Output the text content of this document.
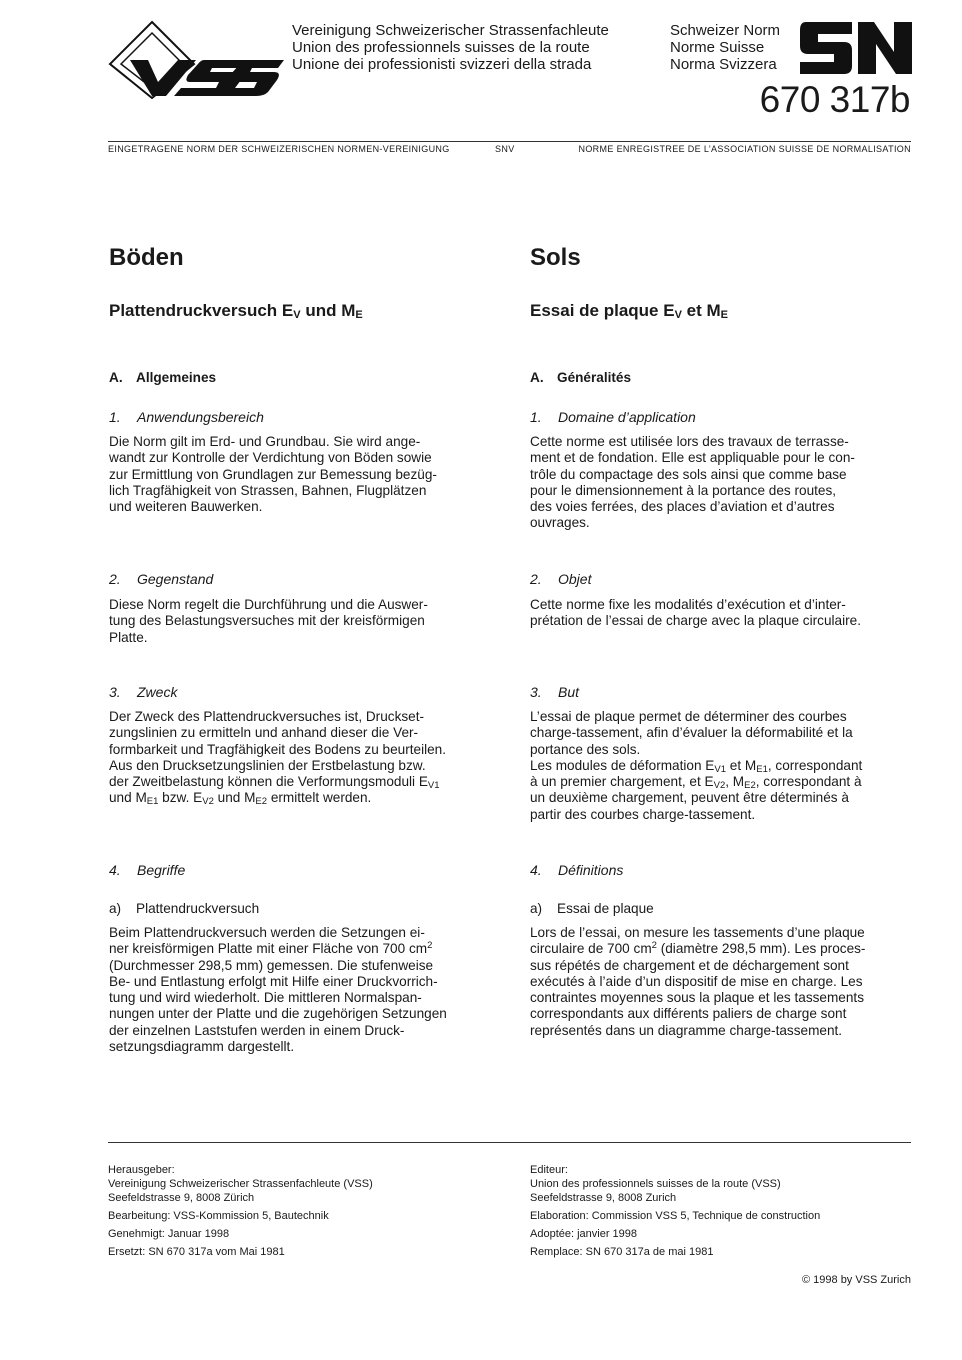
Vereinigung Schweizerischer Strassenfachleute
Union des professionnels suisses de la route
Unione dei professionisti svizzeri della strada
Schweizer Norm
Norme Suisse
Norma Svizzera
670 317b
EINGETRAGENE NORM DER SCHWEIZERISCHEN NORMEN-VEREINIGUNG	SNV	NORME ENREGISTREE DE L’ASSOCIATION SUISSE DE NORMALISATION
Böden
Plattendruckversuch $E_V$ und $M_E$
A. Allgemeines
1. Anwendungsbereich
Die Norm gilt im Erd- und Grundbau. Sie wird ange-
wandt zur Kontrolle der Verdichtung von Böden sowie
zur Ermittlung von Grundlagen zur Bemessung bezüg-
lich Tragfähigkeit von Strassen, Bahnen, Flugplätzen
und weiteren Bauwerken.
2. Gegenstand
Diese Norm regelt die Durchführung und die Auswer-
tung des Belastungsversuches mit der kreisförmigen
Platte.
3. Zweck
Der Zweck des Plattendruckversuches ist, Druckset-
zungslinien zu ermitteln und anhand dieser die Ver-
formbarkeit und Tragfähigkeit des Bodens zu beurteilen.
Aus den Drucksetzungslinien der Erstbelastung bzw.
der Zweitbelastung können die Verformungsmoduli $E_{V1}$
und $M_{E1}$ bzw. $E_{V2}$ und $M_{E2}$ ermittelt werden.
4. Begriffe
a) Plattendruckversuch
Beim Plattendruckversuch werden die Setzungen ei-
ner kreisförmigen Platte mit einer Fläche von 700 $cm^2$
(Durchmesser 298,5 mm) gemessen. Die stufenweise
Be- und Entlastung erfolgt mit Hilfe einer Druckvorrich-
tung und wird wiederholt. Die mittleren Normalspan-
nungen unter der Platte und die zugehörigen Setzungen
der einzelnen Laststufen werden in einem Druck-
setzungsdiagramm dargestellt.
Sols
Essai de plaque $E_V$ et $M_E$
A. Généralités
1. Domaine d’application
Cette norme est utilisée lors des travaux de terrasse-
ment et de fondation. Elle est appliquable pour le con-
trôle du compactage des sols ainsi que comme base
pour le dimensionnement à la portance des routes,
des voies ferrées, des places d’aviation et d’autres
ouvrages.
2. Objet
Cette norme fixe les modalités d’exécution et d’inter-
prétation de l’essai de charge avec la plaque circulaire.
3. But
L’essai de plaque permet de déterminer des courbes
charge-tassement, afin d’évaluer la déformabilité et la
portance des sols.
Les modules de déformation $E_{V1}$ et $M_{E1}$, correspondant
à un premier chargement, et $E_{V2}$, $M_{E2}$, correspondant à
un deuxième chargement, peuvent être déterminés à
partir des courbes charge-tassement.
4. Définitions
a) Essai de plaque
Lors de l’essai, on mesure les tassements d’une plaque
circulaire de 700 $cm^2$ (diamètre 298,5 mm). Les proces-
sus répétés de chargement et de déchargement sont
exécutés à l’aide d’un dispositif de mise en charge. Les
contraintes moyennes sous la plaque et les tassements
correspondants aux différents paliers de charge sont
représentés dans un diagramme charge-tassement.
Herausgeber:
Vereinigung Schweizerischer Strassenfachleute (VSS)
Seefeldstrasse 9, 8008 Zürich
Bearbeitung: VSS-Kommission 5, Bautechnik
Genehmigt: Januar 1998
Ersetzt: SN 670 317a vom Mai 1981
Editeur:
Union des professionnels suisses de la route (VSS)
Seefeldstrasse 9, 8008 Zurich
Elaboration: Commission VSS 5, Technique de construction
Adoptée: janvier 1998
Remplace: SN 670 317a de mai 1981
© 1998 by VSS Zurich
